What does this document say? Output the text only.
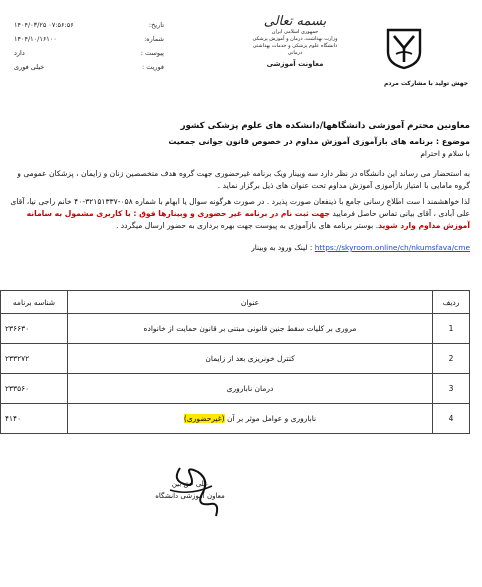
تاریخ:
۱۴۰۴/۰۳/۲۵ ۰۷:۵۶:۵۶
شماره:
۱۴۰۴/۱۰/۱۶۱۰۰
پیوست :
دارد
فوریت :
خیلی فوری
بسمه تعالی
جمهوری اسلامی ایران
وزارت بهداشت، درمان و آموزش پزشکی
دانشگاه علوم پزشکی و خدمات بهداشتی درمانی
معاونت آموزشی
جهش تولید با مشارکت مردم
معاونین محترم آموزشی دانشگاهها/دانشکده های علوم پزشکی کشور
موضوع : برنامه های بازآموزی آموزش مداوم در خصوص قانون جوانی جمعیت
با سلام و احترام

به استحضار می رساند این دانشگاه در نظر دارد سه وبینار ویک برنامه غیرحضوری جهت گروه هدف متخصصین زنان و زایمان ، پزشکان عمومی و گروه مامایی با امتیاز بازآموزی آموزش مداوم تحت عنوان های ذیل برگزار نماید .

لذا خواهشمند ا ست اطلاع رسانی جامع با ذینفعان صورت پذیرد . در صورت هرگونه سوال یا ابهام با شماره ۰۵۸-۳۲۱۵۱۳۳۷-۴۰ خانم راجی نیا، آقای علی آبادی ، آقای بیانی تماس حاصل فرمایید جهت ثبت نام در برنامه غیر حضوری و وبینارها فوق : با کاربری مشمول به سامانه آموزش مداوم وارد شوید. بوستر برنامه های بازآموزی به پیوست جهت بهره برداری به حضور ارسال میگردد .

https://skyroom.online/ch/nkumsfava/cme : لینک ورود به وبینار
ردیف	عنوان	شناسه برنامه
1	مروری بر کلیات سقط جنین قانونی مبتنی بر قانون حمایت از خانواده	۲۳۶۶۳۰
2	کنترل خونریزی بعد از زایمان	۲۳۳۲۷۲
3	درمان ناباروری	۲۳۳۵۶۰
4	ناباروری و عوامل موثر بر آن (غیرحضوری)	۴۱۴۰
علی حق بین
معاون آموزشی دانشگاه
